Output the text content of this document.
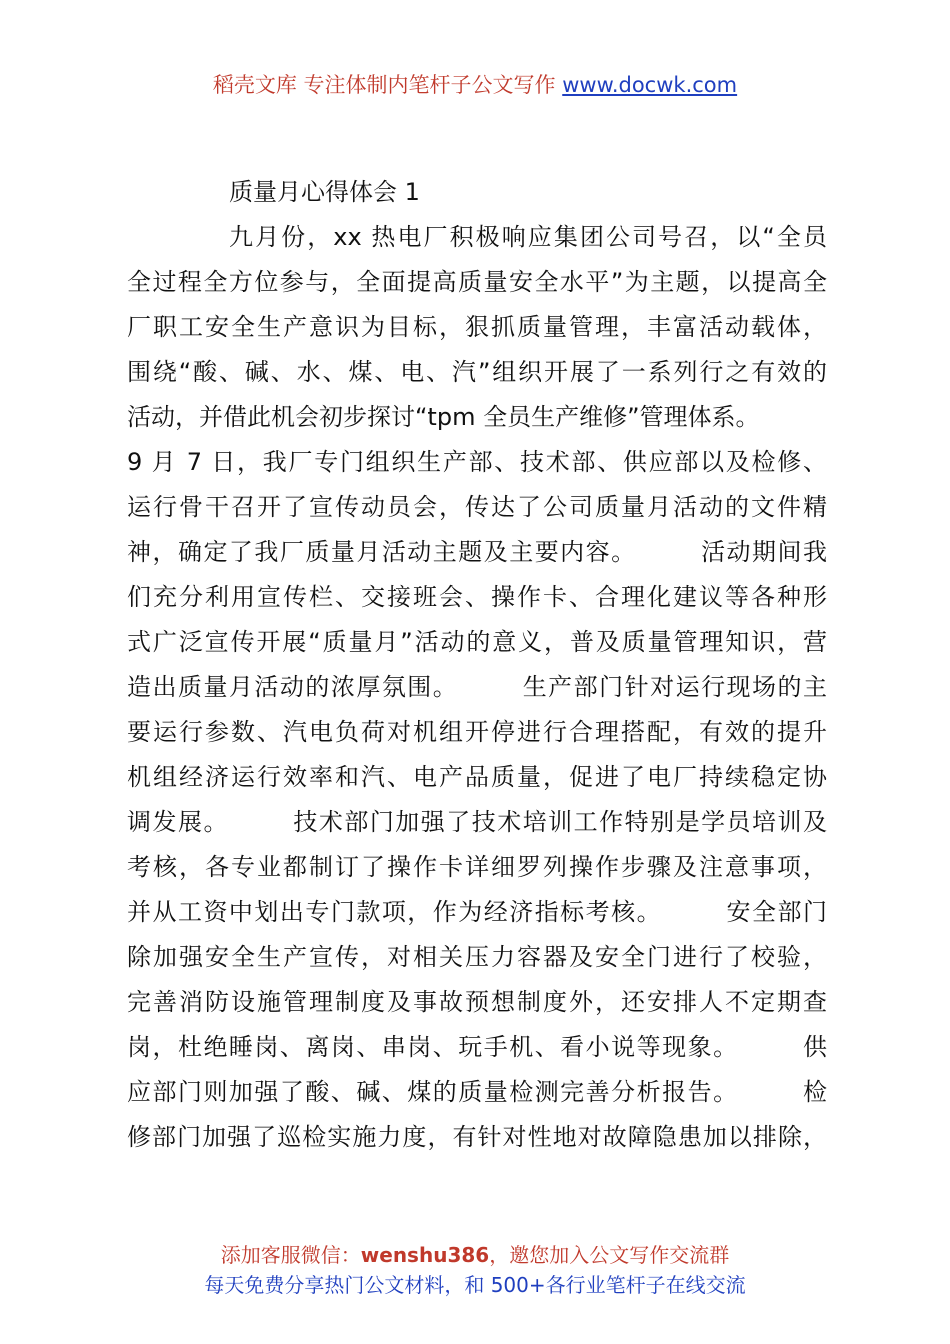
稻壳文库 专注体制内笔杆子公文写作 www.docwk.com
质量月心得体会 1
九月份，xx 热电厂积极响应集团公司号召，以“全员
全过程全方位参与，全面提高质量安全水平”为主题，以提高全
厂职工安全生产意识为目标，狠抓质量管理，丰富活动载体，
围绕“酸、碱、水、煤、电、汽”组织开展了一系列行之有效的
活动，并借此机会初步探讨“tpm 全员生产维修”管理体系。
9 月 7 日，我厂专门组织生产部、技术部、供应部以及检修、
运行骨干召开了宣传动员会，传达了公司质量月活动的文件精
神，确定了我厂质量月活动主题及主要内容。　　　活动期间我
们充分利用宣传栏、交接班会、操作卡、合理化建议等各种形
式广泛宣传开展“质量月”活动的意义，普及质量管理知识，营
造出质量月活动的浓厚氛围。　　　生产部门针对运行现场的主
要运行参数、汽电负荷对机组开停进行合理搭配，有效的提升
机组经济运行效率和汽、电产品质量，促进了电厂持续稳定协
调发展。　　　技术部门加强了技术培训工作特别是学员培训及
考核，各专业都制订了操作卡详细罗列操作步骤及注意事项，
并从工资中划出专门款项，作为经济指标考核。　　　安全部门
除加强安全生产宣传，对相关压力容器及安全门进行了校验，
完善消防设施管理制度及事故预想制度外，还安排人不定期查
岗，杜绝睡岗、离岗、串岗、玩手机、看小说等现象。　　　供
应部门则加强了酸、碱、煤的质量检测完善分析报告。　　　检
修部门加强了巡检实施力度，有针对性地对故障隐患加以排除，
添加客服微信：wenshu386，邀您加入公文写作交流群
每天免费分享热门公文材料，和 500+各行业笔杆子在线交流
